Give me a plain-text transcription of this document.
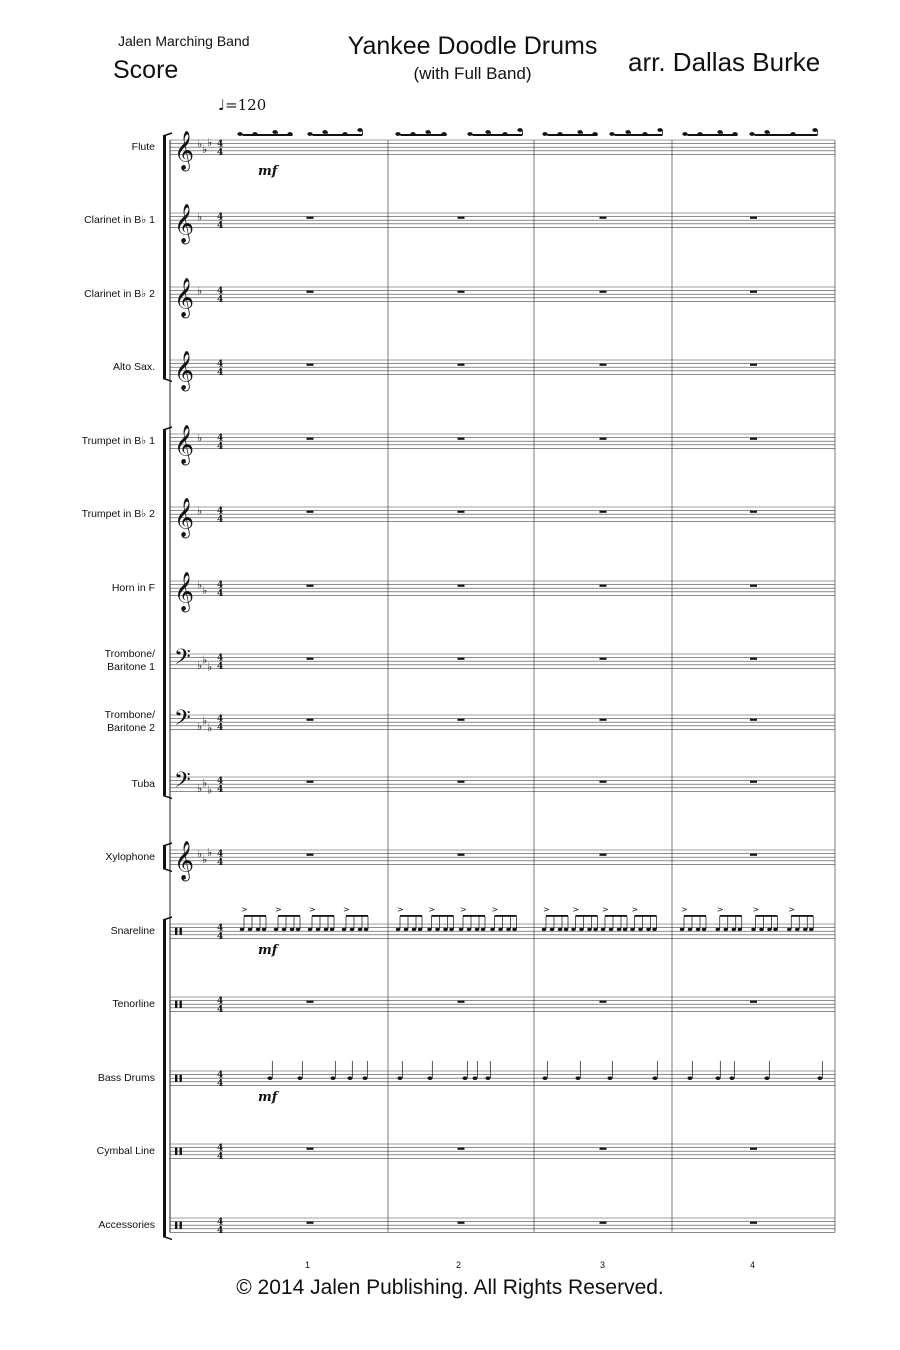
Jalen Marching Band
Score
Yankee Doodle Drums
(with Full Band)	arr. Dallas Burke
♩=120
Flute
Clarinet in B♭ 1
Clarinet in B♭ 2
Alto Sax.
Trumpet in B♭ 1
Trumpet in B♭ 2
Horn in F
Trombone/ Baritone 1
Trombone/ Baritone 2
Tuba
Xylophone
Snareline
Tenorline
Bass Drums
Cymbal Line
Accessories
1	2	3	4
𝄞 ♭ ♭
♭ 4
4
𝄞 ♭ 4
4
𝄞 ♭ 4
4
𝄞	4
4
𝄞 ♭ 4
4
𝄞 ♭ 4
4
𝄞 ♭ ♭ 4
4
𝄢 ♭ ♭
♭
4
4
𝄢 ♭ ♭
♭
4
4
𝄢 ♭ ♭
♭
4
4
𝄞 ♭ ♭
♭ 4
4
4
4
4
4
4
4
4
4
4
4
mf
>	>	>	>	>	>	>	>	>	>	>	>	>	>	>	>
mf
mf
© 2014 Jalen Publishing. All Rights Reserved.
